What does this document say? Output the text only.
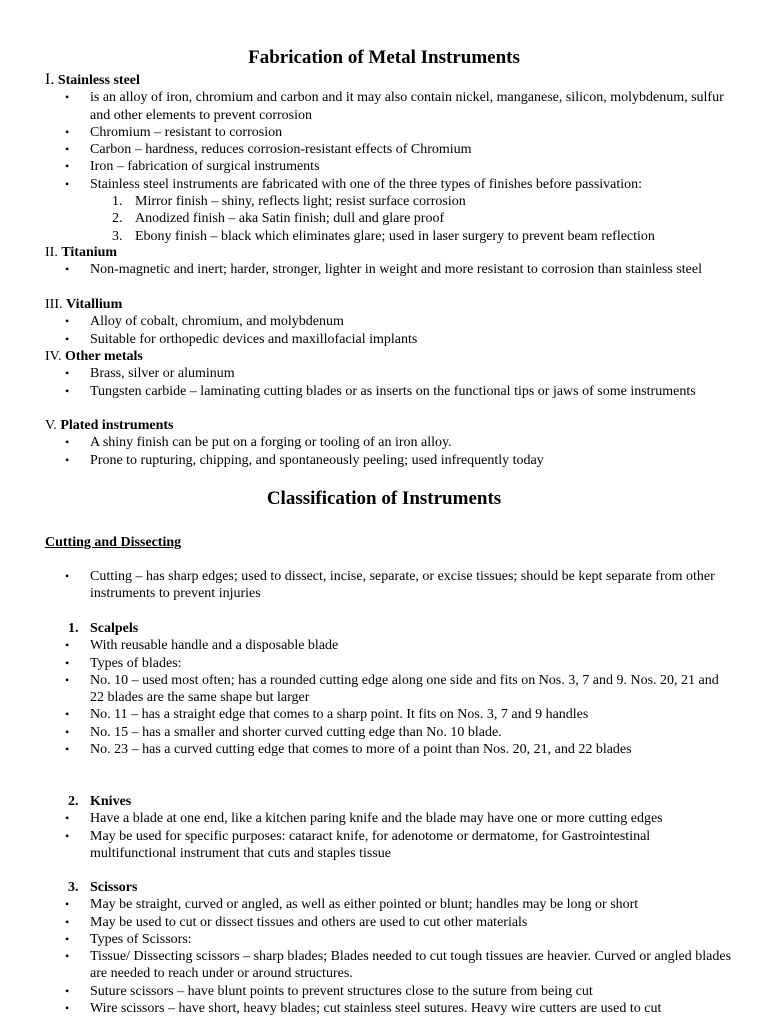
Fabrication of Metal Instruments
I. Stainless steel
• is an alloy of iron, chromium and carbon and it may also contain nickel, manganese, silicon, molybdenum, sulfur and other elements to prevent corrosion
• Chromium – resistant to corrosion
• Carbon – hardness, reduces corrosion-resistant effects of Chromium
• Iron – fabrication of surgical instruments
• Stainless steel instruments are fabricated with one of the three types of finishes before passivation:
1. Mirror finish – shiny, reflects light; resist surface corrosion
2. Anodized finish – aka Satin finish; dull and glare proof
3. Ebony finish – black which eliminates glare; used in laser surgery to prevent beam reflection
II. Titanium
• Non-magnetic and inert; harder, stronger, lighter in weight and more resistant to corrosion than stainless steel
III. Vitallium
• Alloy of cobalt, chromium, and molybdenum
• Suitable for orthopedic devices and maxillofacial implants
IV. Other metals
• Brass, silver or aluminum
• Tungsten carbide – laminating cutting blades or as inserts on the functional tips or jaws of some instruments
V. Plated instruments
• A shiny finish can be put on a forging or tooling of an iron alloy.
• Prone to rupturing, chipping, and spontaneously peeling; used infrequently today
Classification of Instruments
Cutting and Dissecting
• Cutting – has sharp edges; used to dissect, incise, separate, or excise tissues; should be kept separate from other instruments to prevent injuries
1. Scalpels
• With reusable handle and a disposable blade
• Types of blades:
• No. 10 – used most often; has a rounded cutting edge along one side and fits on Nos. 3, 7 and 9. Nos. 20, 21 and 22 blades are the same shape but larger
• No. 11 – has a straight edge that comes to a sharp point. It fits on Nos. 3, 7 and 9 handles
• No. 15 – has a smaller and shorter curved cutting edge than No. 10 blade.
• No. 23 – has a curved cutting edge that comes to more of a point than Nos. 20, 21, and 22 blades
2. Knives
• Have a blade at one end, like a kitchen paring knife and the blade may have one or more cutting edges
• May be used for specific purposes: cataract knife, for adenotome or dermatome, for Gastrointestinal multifunctional instrument that cuts and staples tissue
3. Scissors
• May be straight, curved or angled, as well as either pointed or blunt; handles may be long or short
• May be used to cut or dissect tissues and others are used to cut other materials
• Types of Scissors:
• Tissue/ Dissecting scissors – sharp blades; Blades needed to cut tough tissues are heavier. Curved or angled blades are needed to reach under or around structures.
• Suture scissors – have blunt points to prevent structures close to the suture from being cut
• Wire scissors – have short, heavy blades; cut stainless steel sutures. Heavy wire cutters are used to cut
